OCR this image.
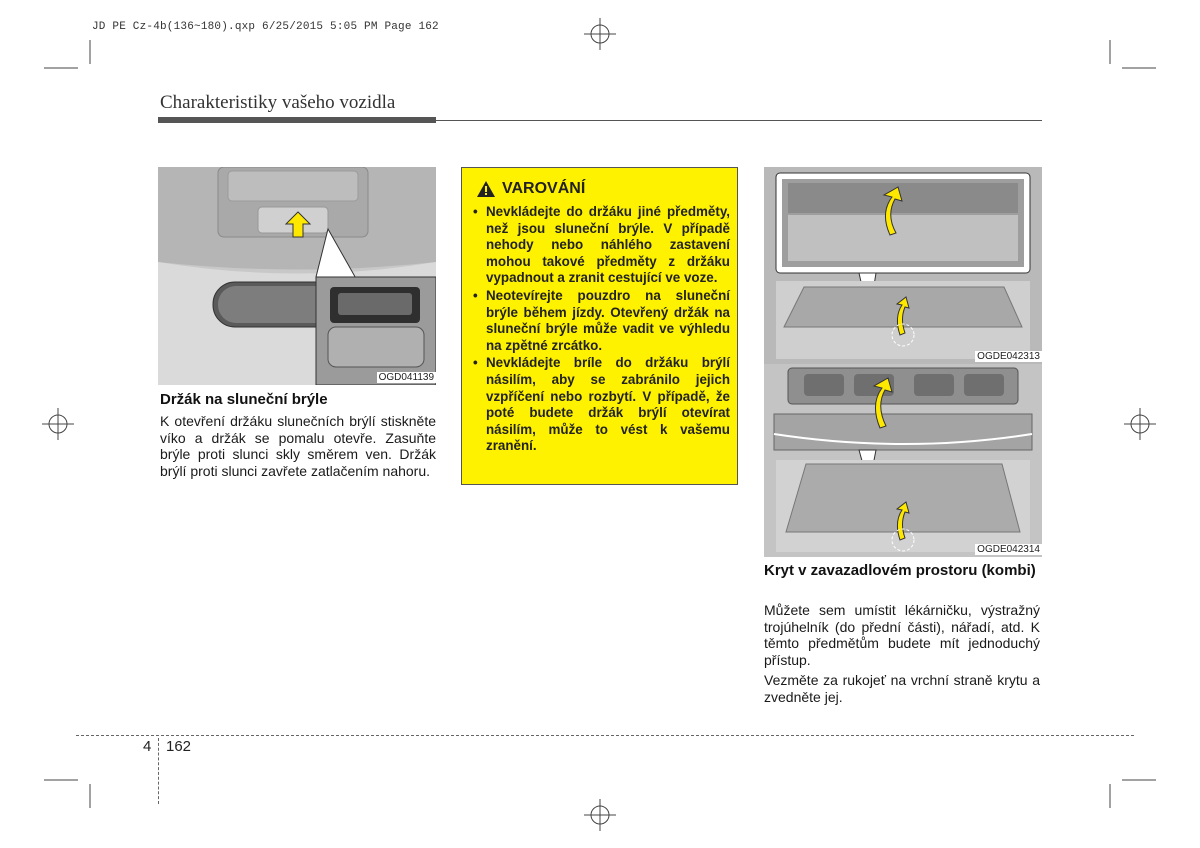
JD PE Cz-4b(136~180).qxp 6/25/2015 5:05 PM Page 162
Charakteristiky vašeho vozidla
OGD041139
Držák na sluneční brýle
K otevření držáku slunečních brýlí stiskněte víko a držák se pomalu otevře. Zasuňte brýle proti slunci skly směrem ven. Držák brýlí proti slunci zavřete zatlačením nahoru.
VAROVÁNÍ
• Nevkládejte do držáku jiné předměty, než jsou sluneční brýle. V případě nehody nebo náhlého zastavení mohou takové předměty z držáku vypadnout a zranit cestující ve voze.
• Neotevírejte pouzdro na sluneční brýle během jízdy. Otevřený držák na sluneční brýle může vadit ve výhledu na zpětné zrcátko.
• Nevkládejte bríle do držáku brýlí násilím, aby se zabránilo jejich vzpříčení nebo rozbytí. V případě, že poté budete držák brýlí otevírat násilím, může to vést k vašemu zranění.
OGDE042313
OGDE042314
Kryt v zavazadlovém prostoru (kombi)
Můžete sem umístit lékárničku, výstražný trojúhelník (do přední části), nářadí, atd. K těmto předmětům budete mít jednoduchý přístup.
Vezměte za rukojeť na vrchní straně krytu a zvedněte jej.
4 162
